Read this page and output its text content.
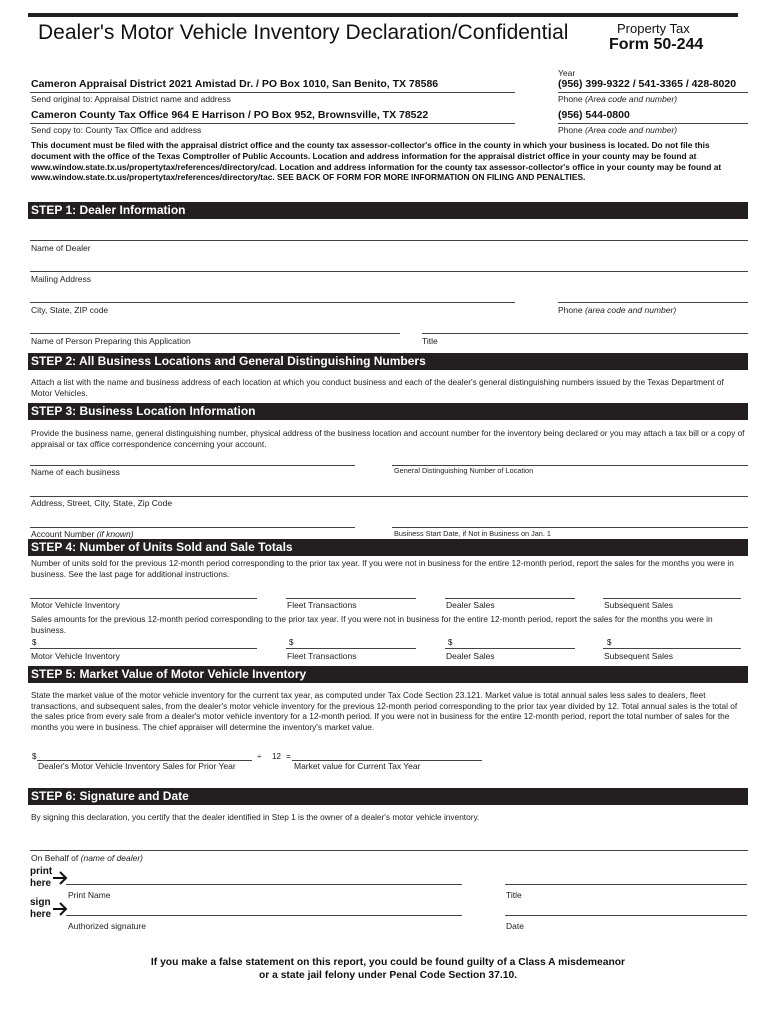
Dealer's Motor Vehicle Inventory Declaration/Confidential	Property Tax
Form 50-244
Year
Cameron Appraisal District 2021 Amistad Dr. / PO Box 1010, San Benito, TX 78586	(956) 399-9322 / 541-3365 / 428-8020
Send original to: Appraisal District name and address	Phone (Area code and number)
Cameron County Tax Office 964 E Harrison / PO Box 952, Brownsville, TX 78522	(956) 544-0800
Send copy to: County Tax Office and address	Phone (Area code and number)
This document must be filed with the appraisal district office and the county tax assessor-collector's office in the county in which your business is located. Do not file this document with the office of the Texas Comptroller of Public Accounts. Location and address information for the appraisal district office in your county may be found at www.window.state.tx.us/propertytax/references/directory/cad. Location and address information for the county tax assessor-collector's office in your county may be found at www.window.state.tx.us/propertytax/references/directory/tac. SEE BACK OF FORM FOR MORE INFORMATION ON FILING AND PENALTIES.
STEP 1: Dealer Information
Name of Dealer
Mailing Address
City, State, ZIP code	Phone (area code and number)
Name of Person Preparing this Application	Title
STEP 2: All Business Locations and General Distinguishing Numbers
Attach a list with the name and business address of each location at which you conduct business and each of the dealer's general distinguishing numbers issued by the Texas Department of Motor Vehicles.
STEP 3: Business Location Information
Provide the business name, general distinguishing number, physical address of the business location and account number for the inventory being declared or you may attach a tax bill or a copy of appraisal or tax office correspondence concerning your account.
Name of each business	General Distinguishing Number of Location
Address, Street, City, State, Zip Code
Account Number (if known)	Business Start Date, if Not in Business on Jan. 1
STEP 4: Number of Units Sold and Sale Totals
Number of units sold for the previous 12-month period corresponding to the prior tax year. If you were not in business for the entire 12-month period, report the sales for the months you were in business. See the last page for additional instructions.
Motor Vehicle Inventory	Fleet Transactions	Dealer Sales	Subsequent Sales
Sales amounts for the previous 12-month period corresponding to the prior tax year. If you were not in business for the entire 12-month period, report the sales for the months you were in business.
$	$	$	$
Motor Vehicle Inventory	Fleet Transactions	Dealer Sales	Subsequent Sales
STEP 5: Market Value of Motor Vehicle Inventory
State the market value of the motor vehicle inventory for the current tax year, as computed under Tax Code Section 23.121. Market value is total annual sales less sales to dealers, fleet transactions, and subsequent sales, from the dealer's motor vehicle inventory for the previous 12-month period corresponding to the prior tax year divided by 12. Total annual sales is the total of the sales price from every sale from a dealer's motor vehicle inventory for a 12-month period. If you were not in business for the entire 12-month period, report the total number of sales for the months you were in business. The chief appraiser will determine the inventory's market value.
$	÷ 12 =
Dealer's Motor Vehicle Inventory Sales for Prior Year	Market value for Current Tax Year
STEP 6: Signature and Date
By signing this declaration, you certify that the dealer identified in Step 1 is the owner of a dealer's motor vehicle inventory.
On Behalf of (name of dealer)
print
here
Print Name	Title
sign
here
Authorized signature	Date
If you make a false statement on this report, you could be found guilty of a Class A misdemeanor
or a state jail felony under Penal Code Section 37.10.
